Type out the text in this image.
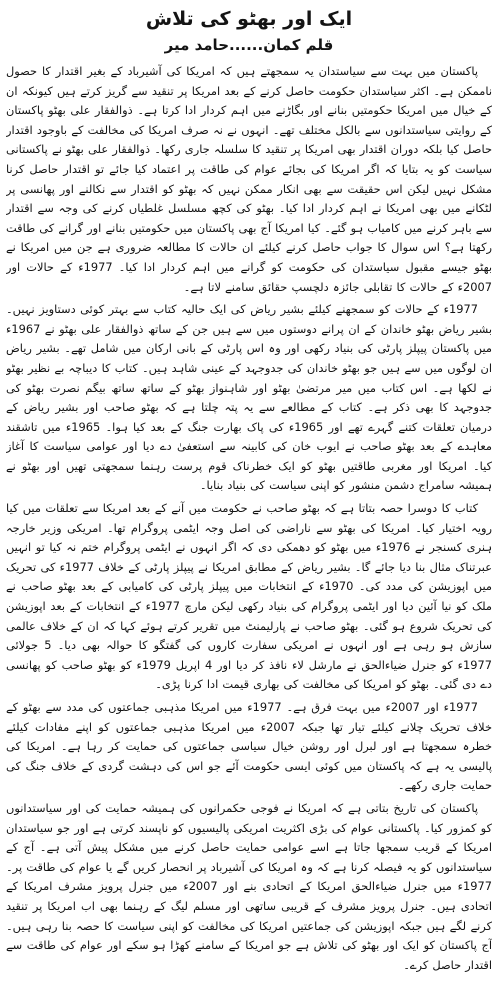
ایک اور بھٹو کی تلاش
قلم کمان......حامد میر

پاکستان میں بہت سے سیاستدان یہ سمجھتے ہیں کہ امریکا کی آشیرباد کے بغیر اقتدار کا حصول ناممکن ہے۔ اکثر سیاستدان حکومت حاصل کرنے کے بعد امریکا پر تنقید سے گریز کرتے ہیں کیونکہ ان کے خیال میں امریکا حکومتیں بنانے اور بگاڑنے میں اہم کردار ادا کرتا ہے۔ ذوالفقار علی بھٹو پاکستان کے روایتی سیاستدانوں سے بالکل مختلف تھے۔ انہوں نے نہ صرف امریکا کی مخالفت کے باوجود اقتدار حاصل کیا بلکہ دوران اقتدار بھی امریکا پر تنقید کا سلسلہ جاری رکھا۔ ذوالفقار علی بھٹو نے پاکستانی سیاست کو یہ بتایا کہ اگر امریکا کی بجائے عوام کی طاقت پر اعتماد کیا جائے تو اقتدار حاصل کرنا مشکل نہیں لیکن اس حقیقت سے بھی انکار ممکن نہیں کہ بھٹو کو اقتدار سے نکالنے اور پھانسی پر لٹکانے میں بھی امریکا نے اہم کردار ادا کیا۔ بھٹو کی کچھ مسلسل غلطیاں کرنے کی وجہ سے اقتدار سے باہر کرنے میں کامیاب ہو گئے۔ کیا امریکا آج بھی پاکستان میں حکومتیں بنانے اور گرانے کی طاقت رکھتا ہے؟ اس سوال کا جواب حاصل کرنے کیلئے ان حالات کا مطالعہ ضروری ہے جن میں امریکا نے بھٹو جیسے مقبول سیاستدان کی حکومت کو گرانے میں اہم کردار ادا کیا۔ 1977ء کے حالات اور 2007ء کے حالات کا تقابلی جائزہ دلچسپ حقائق سامنے لاتا ہے۔

1977ء کے حالات کو سمجھنے کیلئے بشیر ریاض کی ایک حالیہ کتاب سے بہتر کوئی دستاویز نہیں۔ بشیر ریاض بھٹو خاندان کے ان پرانے دوستوں میں سے ہیں جن کے ساتھ ذوالفقار علی بھٹو نے 1967ء میں پاکستان پیپلز پارٹی کی بنیاد رکھی اور وہ اس پارٹی کے بانی ارکان میں شامل تھے۔ بشیر ریاض ان لوگوں میں سے ہیں جو بھٹو خاندان کی جدوجہد کے عینی شاہد ہیں۔ کتاب کا دیباچہ بے نظیر بھٹو نے لکھا ہے۔ اس کتاب میں میر مرتضیٰ بھٹو اور شاہنواز بھٹو کے ساتھ ساتھ بیگم نصرت بھٹو کی جدوجہد کا بھی ذکر ہے۔ کتاب کے مطالعے سے یہ پتہ چلتا ہے کہ بھٹو صاحب اور بشیر ریاض کے درمیان تعلقات کتنے گہرے تھے اور 1965ء کی پاک بھارت جنگ کے بعد کیا ہوا۔ 1965ء میں تاشقند معاہدے کے بعد بھٹو صاحب نے ایوب خان کی کابینہ سے استعفیٰ دے دیا اور عوامی سیاست کا آغاز کیا۔ امریکا اور مغربی طاقتیں بھٹو کو ایک خطرناک قوم پرست رہنما سمجھتی تھیں اور بھٹو نے ہمیشہ سامراج دشمن منشور کو اپنی سیاست کی بنیاد بنایا۔

کتاب کا دوسرا حصہ بتاتا ہے کہ بھٹو صاحب نے حکومت میں آنے کے بعد امریکا سے تعلقات میں کیا رویہ اختیار کیا۔ امریکا کی بھٹو سے ناراضی کی اصل وجہ ایٹمی پروگرام تھا۔ امریکی وزیر خارجہ ہنری کسنجر نے 1976ء میں بھٹو کو دھمکی دی کہ اگر انہوں نے ایٹمی پروگرام ختم نہ کیا تو انہیں عبرتناک مثال بنا دیا جائے گا۔ بشیر ریاض کے مطابق امریکا نے پیپلز پارٹی کے خلاف 1977ء کی تحریک میں اپوزیشن کی مدد کی۔ 1970ء کے انتخابات میں پیپلز پارٹی کی کامیابی کے بعد بھٹو صاحب نے ملک کو نیا آئین دیا اور ایٹمی پروگرام کی بنیاد رکھی لیکن مارچ 1977ء کے انتخابات کے بعد اپوزیشن کی تحریک شروع ہو گئی۔ بھٹو صاحب نے پارلیمنٹ میں تقریر کرتے ہوئے کہا کہ ان کے خلاف عالمی سازش ہو رہی ہے اور انہوں نے امریکی سفارت کاروں کی گفتگو کا حوالہ بھی دیا۔ 5 جولائی 1977ء کو جنرل ضیاءالحق نے مارشل لاء نافذ کر دیا اور 4 اپریل 1979ء کو بھٹو صاحب کو پھانسی دے دی گئی۔ بھٹو کو امریکا کی مخالفت کی بھاری قیمت ادا کرنا پڑی۔

1977ء اور 2007ء میں بہت فرق ہے۔ 1977ء میں امریکا مذہبی جماعتوں کی مدد سے بھٹو کے خلاف تحریک چلانے کیلئے تیار تھا جبکہ 2007ء میں امریکا مذہبی جماعتوں کو اپنے مفادات کیلئے خطرہ سمجھتا ہے اور لبرل اور روشن خیال سیاسی جماعتوں کی حمایت کر رہا ہے۔ امریکا کی پالیسی یہ ہے کہ پاکستان میں کوئی ایسی حکومت آئے جو اس کی دہشت گردی کے خلاف جنگ کی حمایت جاری رکھے۔

پاکستان کی تاریخ بتاتی ہے کہ امریکا نے فوجی حکمرانوں کی ہمیشہ حمایت کی اور سیاستدانوں کو کمزور کیا۔ پاکستانی عوام کی بڑی اکثریت امریکی پالیسیوں کو ناپسند کرتی ہے اور جو سیاستدان امریکا کے قریب سمجھا جاتا ہے اسے عوامی حمایت حاصل کرنے میں مشکل پیش آتی ہے۔ آج کے سیاستدانوں کو یہ فیصلہ کرنا ہے کہ وہ امریکا کی آشیرباد پر انحصار کریں گے یا عوام کی طاقت پر۔ 1977ء میں جنرل ضیاءالحق امریکا کے اتحادی بنے اور 2007ء میں جنرل پرویز مشرف امریکا کے اتحادی ہیں۔ جنرل پرویز مشرف کے قریبی ساتھی اور مسلم لیگ کے رہنما بھی اب امریکا پر تنقید کرنے لگے ہیں جبکہ اپوزیشن کی جماعتیں امریکا کی مخالفت کو اپنی سیاست کا حصہ بنا رہی ہیں۔ آج پاکستان کو ایک اور بھٹو کی تلاش ہے جو امریکا کے سامنے کھڑا ہو سکے اور عوام کی طاقت سے اقتدار حاصل کرے۔
